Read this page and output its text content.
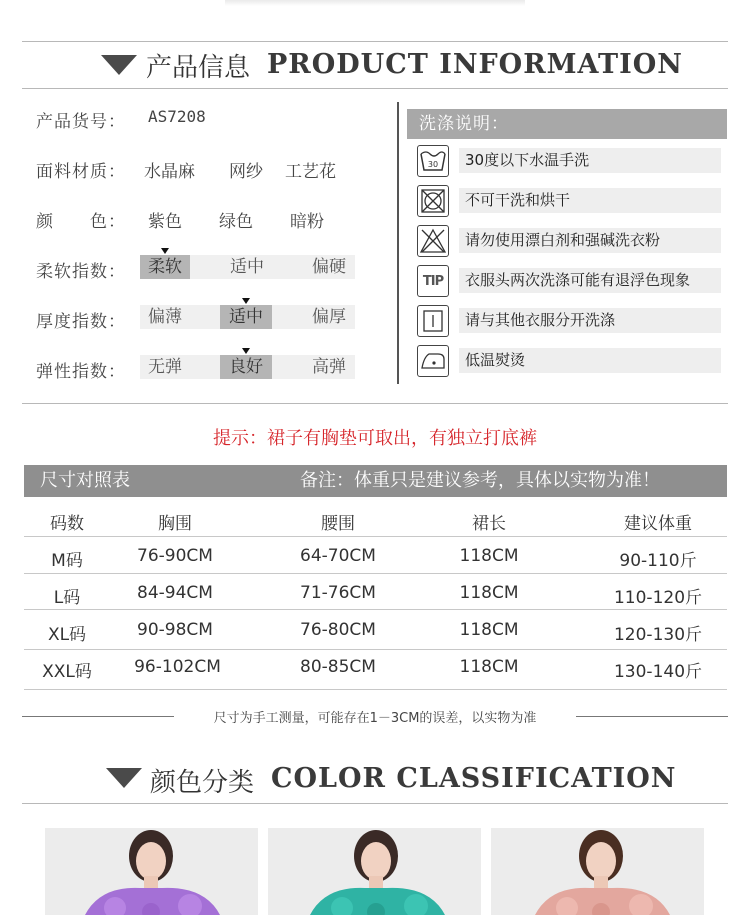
产品信息 PRODUCT INFORMATION
产品货号： AS7208
面料材质： 水晶麻 网纱 工艺花
颜　　色： 紫色 绿色 暗粉
柔软指数：	柔软	适中	偏硬
厚度指数：	偏薄	适中	偏厚
弹性指数：	无弹	良好	高弹
洗涤说明：
30	30度以下水温手洗
不可干洗和烘干
请勿使用漂白剂和强碱洗衣粉
TIP	衣服头两次洗涤可能有退浮色现象
请与其他衣服分开洗涤
低温熨烫
提示：裙子有胸垫可取出，有独立打底裤
尺寸对照表	备注：体重只是建议参考，具体以实物为准！
码数	胸围	腰围	裙长	建议体重
M码	76-90CM	64-70CM	118CM	90-110斤
L码	84-94CM	71-76CM	118CM	110-120斤
XL码	90-98CM	76-80CM	118CM	120-130斤
XXL码	96-102CM	80-85CM	118CM	130-140斤
尺寸为手工测量，可能存在1－3CM的误差，以实物为准
颜色分类 COLOR CLASSIFICATION
